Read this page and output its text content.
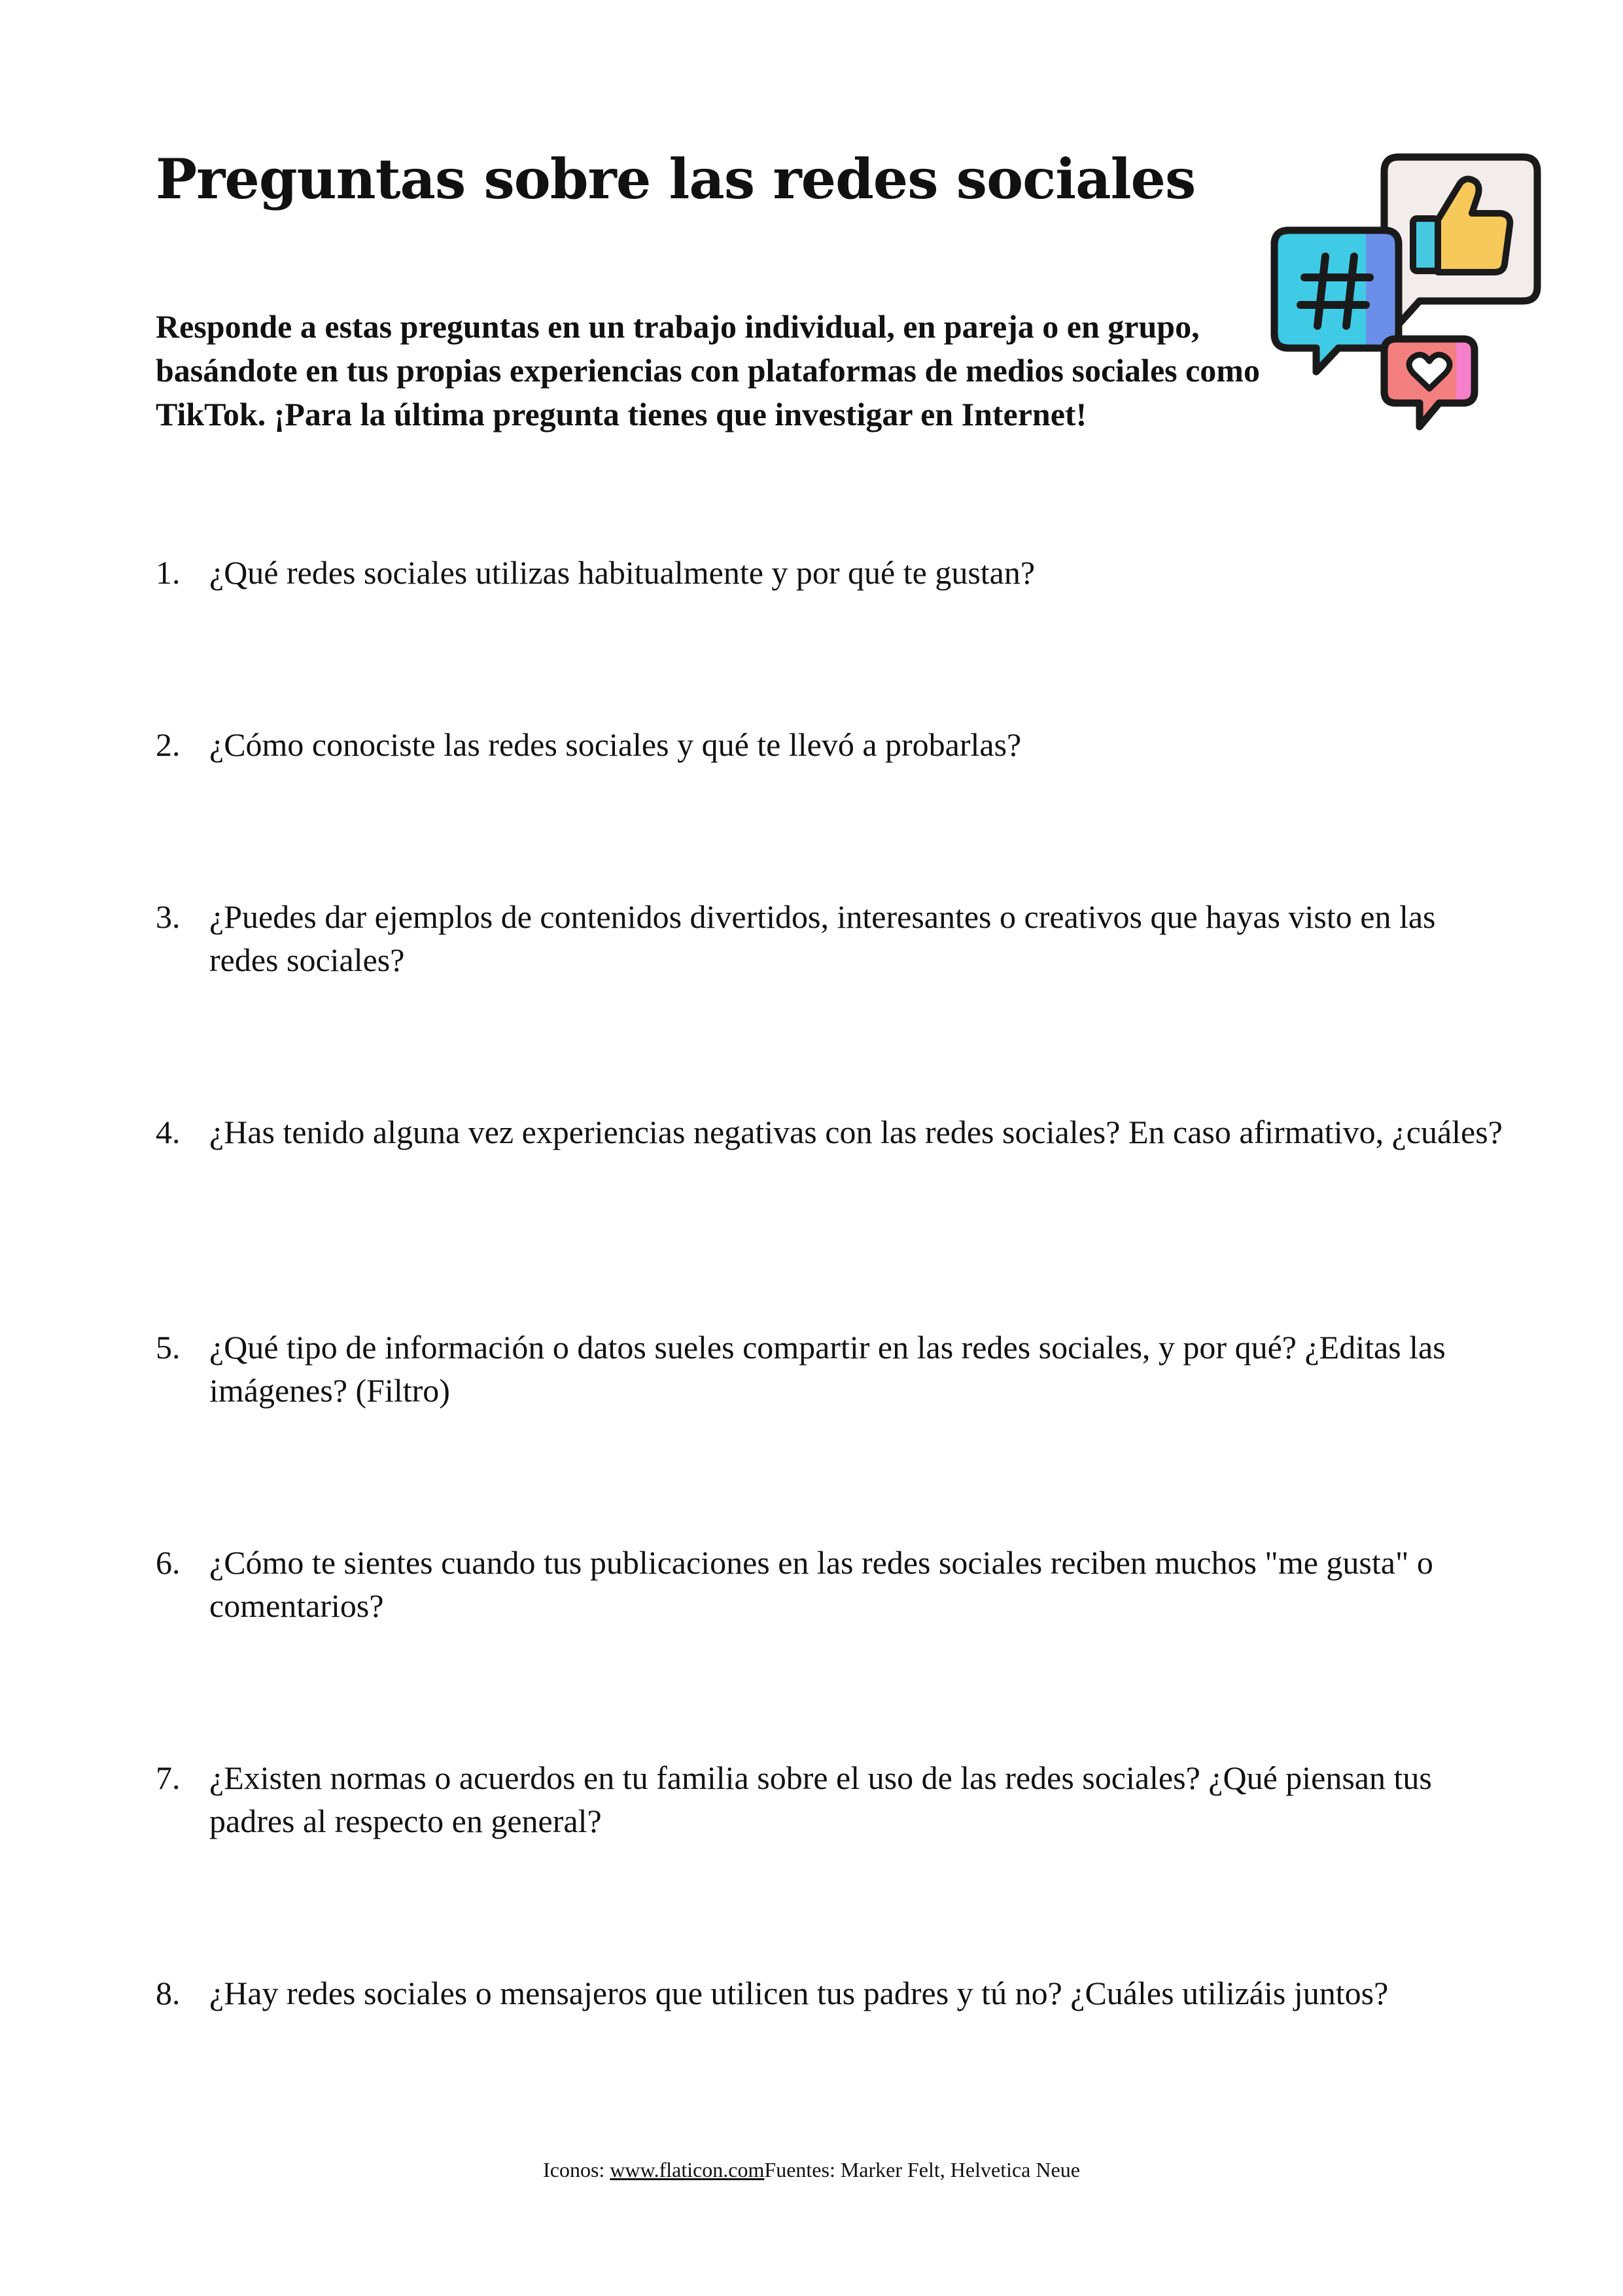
Preguntas sobre las redes sociales

Responde a estas preguntas en un trabajo individual, en pareja o en grupo, basándote en tus propias experiencias con plataformas de medios sociales como TikTok. ¡Para la última pregunta tienes que investigar en Internet!

1. ¿Qué redes sociales utilizas habitualmente y por qué te gustan?
2. ¿Cómo conociste las redes sociales y qué te llevó a probarlas?
3. ¿Puedes dar ejemplos de contenidos divertidos, interesantes o creativos que hayas visto en las redes sociales?
4. ¿Has tenido alguna vez experiencias negativas con las redes sociales? En caso afirmativo, ¿cuáles?
5. ¿Qué tipo de información o datos sueles compartir en las redes sociales, y por qué? ¿Editas las imágenes? (Filtro)
6. ¿Cómo te sientes cuando tus publicaciones en las redes sociales reciben muchos "me gusta" o comentarios?
7. ¿Existen normas o acuerdos en tu familia sobre el uso de las redes sociales? ¿Qué piensan tus padres al respecto en general?
8. ¿Hay redes sociales o mensajeros que utilicen tus padres y tú no? ¿Cuáles utilizáis juntos?
Iconos: www.flaticon.comFuentes: Marker Felt, Helvetica Neue
